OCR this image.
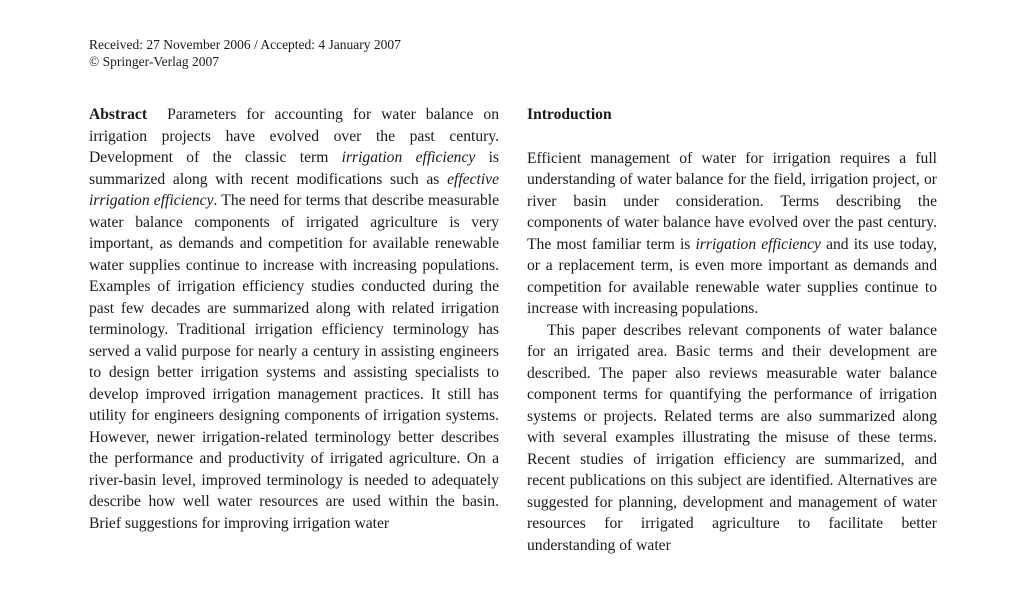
Received: 27 November 2006 / Accepted: 4 January 2007
© Springer-Verlag 2007

Abstract Parameters for accounting for water balance on irrigation projects have evolved over the past century. Development of the classic term irrigation efficiency is summarized along with recent modifications such as effective irrigation efficiency. The need for terms that describe measurable water balance components of irrigated agriculture is very important, as demands and competition for available renewable water supplies continue to increase with increasing populations. Examples of irrigation efficiency studies conducted during the past few decades are summarized along with related irrigation terminology. Traditional irrigation efficiency terminology has served a valid purpose for nearly a century in assisting engineers to design better irrigation systems and assisting specialists to develop improved irrigation management practices. It still has utility for engineers designing components of irrigation systems. However, newer irrigation-related terminology better describes the performance and productivity of irrigated agriculture. On a river-basin level, improved terminology is needed to adequately describe how well water resources are used within the basin. Brief suggestions for improving irrigation water

Introduction

Efficient management of water for irrigation requires a full understanding of water balance for the field, irrigation project, or river basin under consideration. Terms describing the components of water balance have evolved over the past century. The most familiar term is irrigation efficiency and its use today, or a replacement term, is even more important as demands and competition for available renewable water supplies continue to increase with increasing populations.

This paper describes relevant components of water balance for an irrigated area. Basic terms and their development are described. The paper also reviews measurable water balance component terms for quantifying the performance of irrigation systems or projects. Related terms are also summarized along with several examples illustrating the misuse of these terms. Recent studies of irrigation efficiency are summarized, and recent publications on this subject are identified. Alternatives are suggested for planning, development and management of water resources for irrigated agriculture to facilitate better understanding of water
